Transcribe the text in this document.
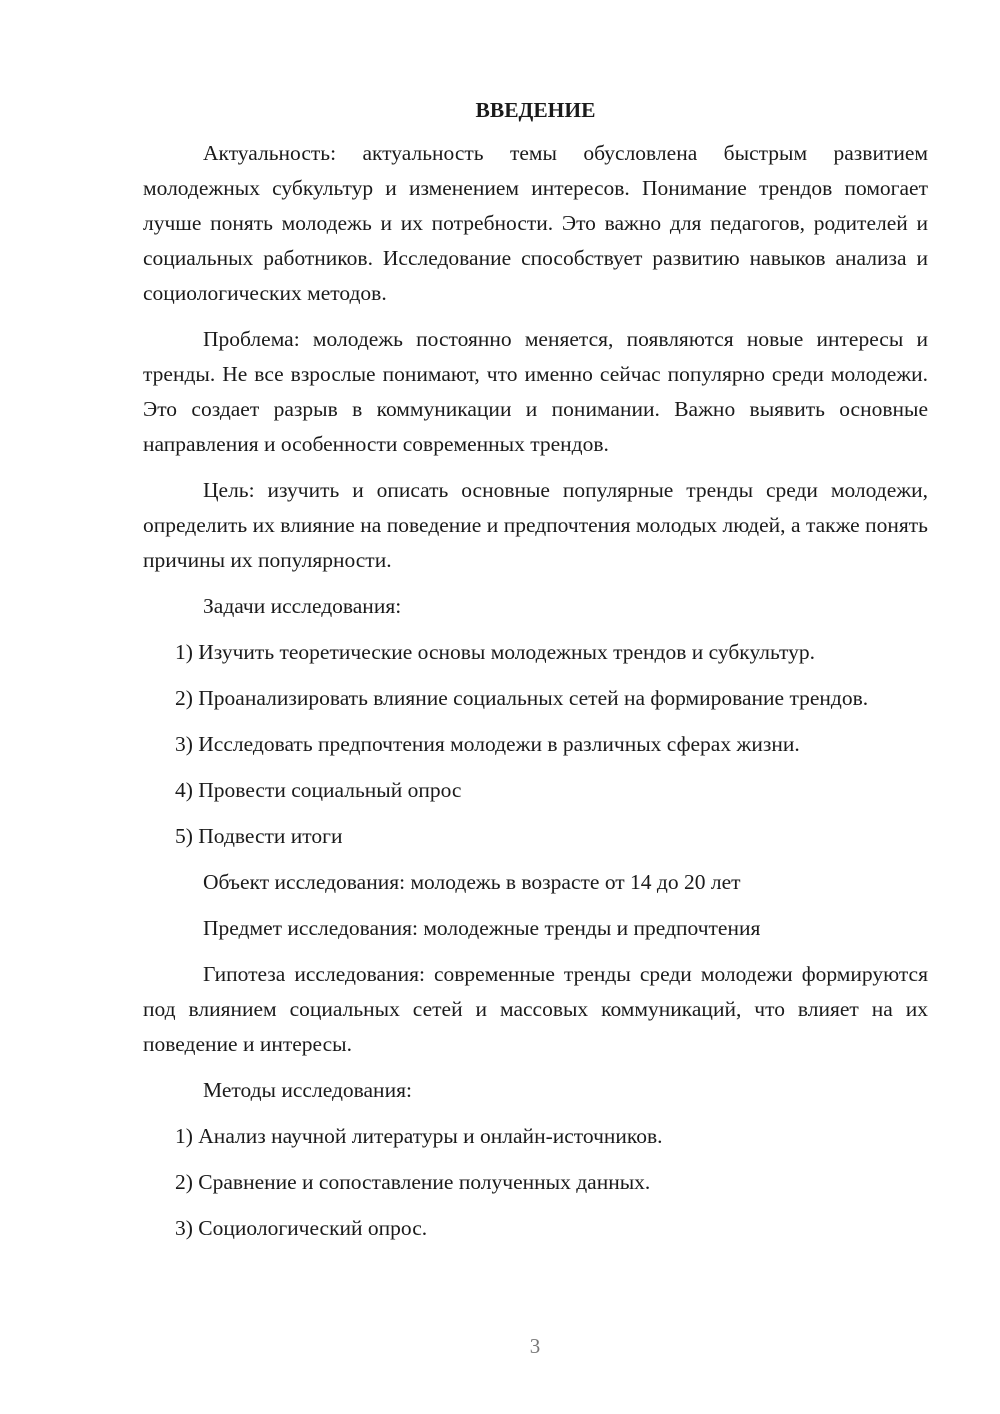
ВВЕДЕНИЕ

Актуальность: актуальность темы обусловлена быстрым развитием молодежных субкультур и изменением интересов. Понимание трендов помогает лучше понять молодежь и их потребности. Это важно для педагогов, родителей и социальных работников. Исследование способствует развитию навыков анализа и социологических методов.

Проблема: молодежь постоянно меняется, появляются новые интересы и тренды. Не все взрослые понимают, что именно сейчас популярно среди молодежи. Это создает разрыв в коммуникации и понимании. Важно выявить основные направления и особенности современных трендов.

Цель: изучить и описать основные популярные тренды среди молодежи, определить их влияние на поведение и предпочтения молодых людей, а также понять причины их популярности.

Задачи исследования:

1) Изучить теоретические основы молодежных трендов и субкультур.

2) Проанализировать влияние социальных сетей на формирование трендов.

3) Исследовать предпочтения молодежи в различных сферах жизни.

4) Провести социальный опрос

5) Подвести итоги

Объект исследования: молодежь в возрасте от 14 до 20 лет

Предмет исследования: молодежные тренды и предпочтения

Гипотеза исследования: современные тренды среди молодежи формируются под влиянием социальных сетей и массовых коммуникаций, что влияет на их поведение и интересы.

Методы исследования:

1) Анализ научной литературы и онлайн-источников.

2) Сравнение и сопоставление полученных данных.

3) Социологический опрос.

3
